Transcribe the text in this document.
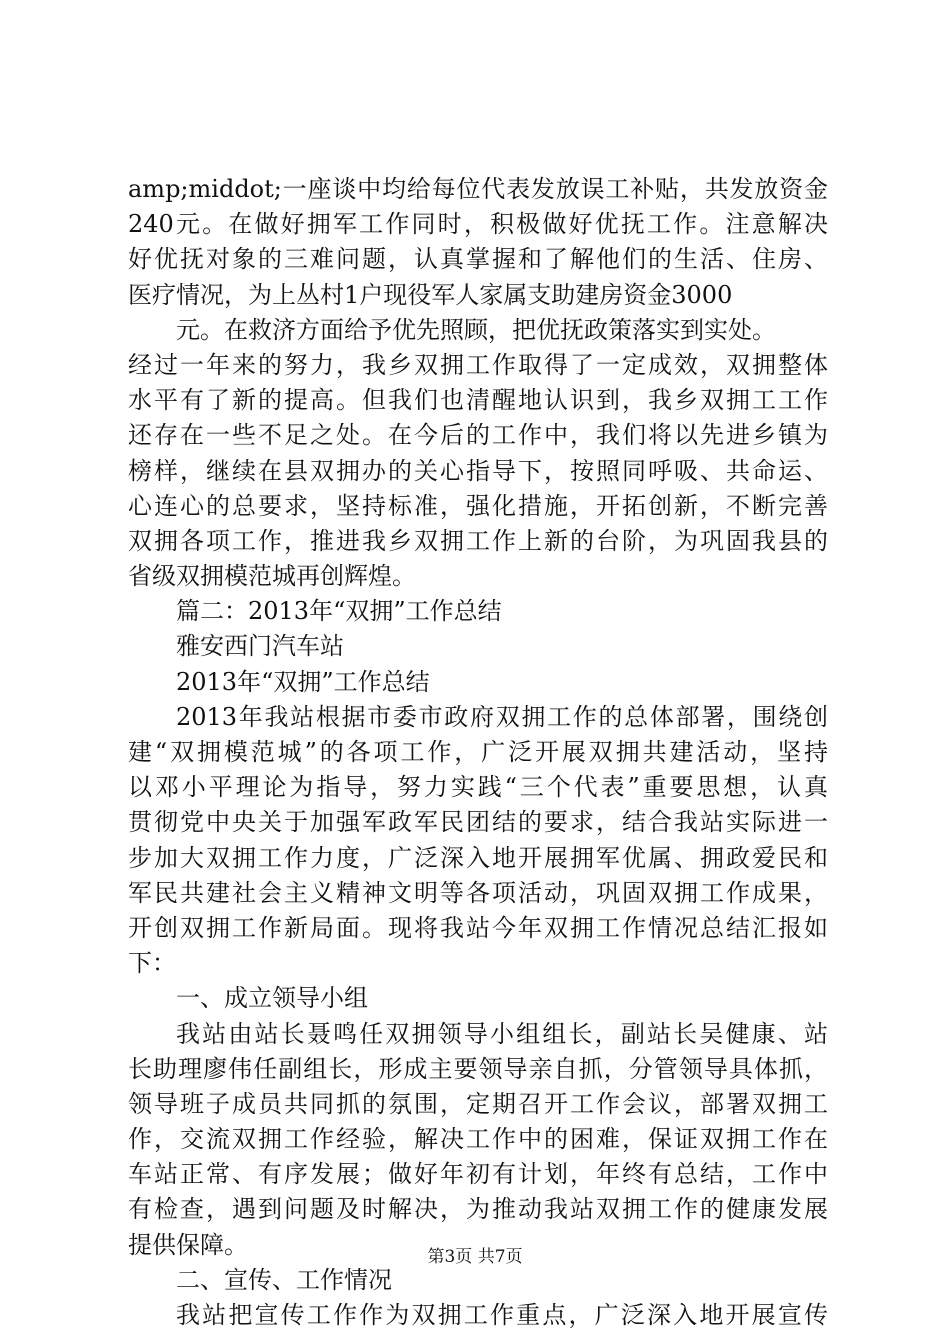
amp;middot;一座谈中均给每位代表发放误工补贴，共发放资金
240元。在做好拥军工作同时，积极做好优抚工作。注意解决
好优抚对象的三难问题，认真掌握和了解他们的生活、住房、
医疗情况，为上丛村1户现役军人家属支助建房资金3000
元。在救济方面给予优先照顾，把优抚政策落实到实处。
经过一年来的努力，我乡双拥工作取得了一定成效，双拥整体
水平有了新的提高。但我们也清醒地认识到，我乡双拥工工作
还存在一些不足之处。在今后的工作中，我们将以先进乡镇为
榜样，继续在县双拥办的关心指导下，按照同呼吸、共命运、
心连心的总要求，坚持标准，强化措施，开拓创新，不断完善
双拥各项工作，推进我乡双拥工作上新的台阶，为巩固我县的
省级双拥模范城再创辉煌。
篇二：2013年“双拥”工作总结
雅安西门汽车站
2013年“双拥”工作总结
2013年我站根据市委市政府双拥工作的总体部署，围绕创
建“双拥模范城”的各项工作，广泛开展双拥共建活动，坚持
以邓小平理论为指导，努力实践“三个代表”重要思想，认真
贯彻党中央关于加强军政军民团结的要求，结合我站实际进一
步加大双拥工作力度，广泛深入地开展拥军优属、拥政爱民和
军民共建社会主义精神文明等各项活动，巩固双拥工作成果，
开创双拥工作新局面。现将我站今年双拥工作情况总结汇报如
下：
一、成立领导小组
我站由站长聂鸣任双拥领导小组组长，副站长吴健康、站
长助理廖伟任副组长，形成主要领导亲自抓，分管领导具体抓，
领导班子成员共同抓的氛围，定期召开工作会议，部署双拥工
作，交流双拥工作经验，解决工作中的困难，保证双拥工作在
车站正常、有序发展；做好年初有计划，年终有总结，工作中
有检查，遇到问题及时解决，为推动我站双拥工作的健康发展
提供保障。
二、宣传、工作情况
我站把宣传工作作为双拥工作重点，广泛深入地开展宣传
第3页 共7页
